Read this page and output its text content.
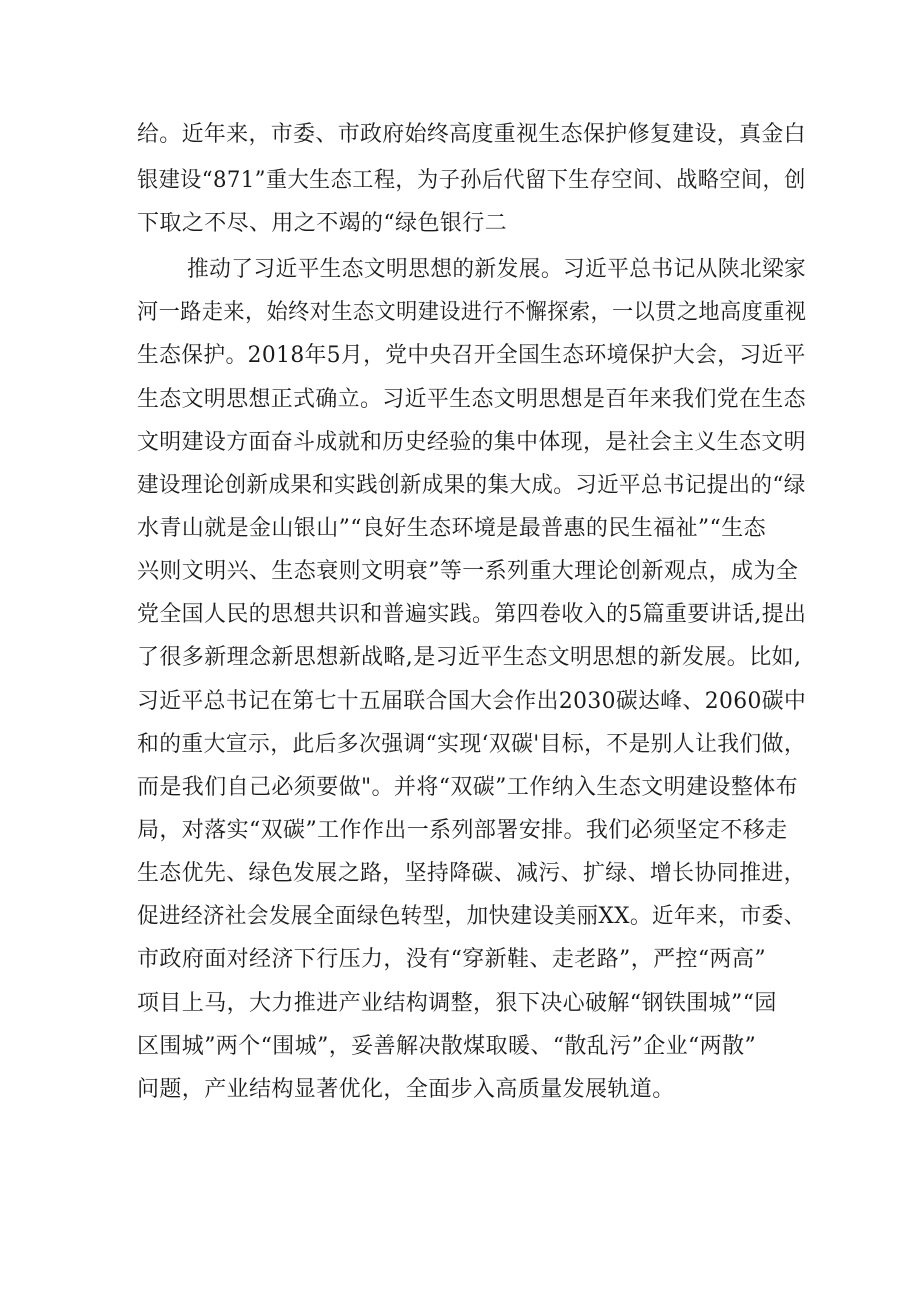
给。近年来，市委、市政府始终高度重视生态保护修复建设，真金白
银建设“871”重大生态工程，为子孙后代留下生存空间、战略空间，创
下取之不尽、用之不竭的“绿色银行二
推动了习近平生态文明思想的新发展。习近平总书记从陕北梁家
河一路走来，始终对生态文明建设进行不懈探索，一以贯之地高度重视
生态保护。2018年5月，党中央召开全国生态环境保护大会，习近平
生态文明思想正式确立。习近平生态文明思想是百年来我们党在生态
文明建设方面奋斗成就和历史经验的集中体现，是社会主义生态文明
建设理论创新成果和实践创新成果的集大成。习近平总书记提出的“绿
水青山就是金山银山”“良好生态环境是最普惠的民生福祉”“生态
兴则文明兴、生态衰则文明衰”等一系列重大理论创新观点，成为全
党全国人民的思想共识和普遍实践。第四卷收入的5篇重要讲话,提出
了很多新理念新思想新战略,是习近平生态文明思想的新发展。比如,
习近平总书记在第七十五届联合国大会作出2030碳达峰、2060碳中
和的重大宣示，此后多次强调“实现‘双碳'目标，不是别人让我们做，
而是我们自己必须要做"。并将“双碳”工作纳入生态文明建设整体布
局，对落实“双碳”工作作出一系列部署安排。我们必须坚定不移走
生态优先、绿色发展之路，坚持降碳、减污、扩绿、增长协同推进，
促进经济社会发展全面绿色转型，加快建设美丽XX。近年来，市委、
市政府面对经济下行压力，没有“穿新鞋、走老路”，严控“两高”
项目上马，大力推进产业结构调整，狠下决心破解“钢铁围城”“园
区围城”两个“围城”，妥善解决散煤取暖、“散乱污”企业“两散”
问题，产业结构显著优化，全面步入高质量发展轨道。
